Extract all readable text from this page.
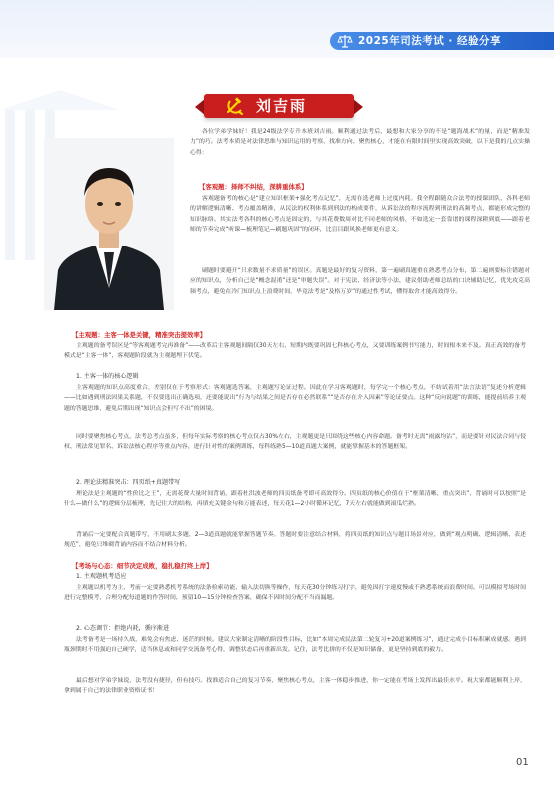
2025年司法考试 · 经验分享
刘吉雨
各位学弟学妹好！我是24级法学专升本班刘吉雨。顺利通过法考后，最想和大家分享的不是“题海战术”的量，而是“精准发力”的巧。法考本质是对法律思维与知识运用的考察，找准方向、聚焦核心，才能在有限时间里实现高效突破，以下是我的几点实操心得：
【客观题：择师不纠结，深耕重体系】
客观题备考的核心是“建立知识框架+强化考点记忆”，无需在选老师上过度内耗。我全程跟随众合法考的授课团队，各科老师的讲解逻辑清晰、考点覆盖精准，从民法的权利体系到刑法的构成要件，从诉讼法的程序流程到刑法的高频考点，都能形成完整的知识脉络。其实法考各科的核心考点是固定的，与其花费数周对比不同老师的风格，不如选定一套靠谱的课程深耕到底——跟着老师的节奏完成“听课—梳理笔记—刷题巩固”的闭环，比盲目跟风换老师更有意义。
刷题时要避开“只求数量不求质量”的误区。真题是最好的复习资料，第一遍刷真题重在熟悉考点分布，第二遍则要标注错题对应的知识点，分析自己是“概念混淆”还是“审题失误”。对于宪法、经济法等小法，建议借助老师总结的口诀辅助记忆，优先攻克高频考点，避免在冷门知识点上浪费时间，毕竟法考是“及格万岁”的通过性考试，懂得取舍才能高效得分。
【主观题：主客一体是关键，精准突击提效率】
主观题的备考误区是“等客观题考完再准备”——改革后主客观题间隔仅30天左右，短期内既要巩固七科核心考点，又要训练案例书写能力，时间根本来不及。真正高效的备考模式是“主客一体”，客观题阶段就为主观题埋下伏笔。
1. 主客一体的核心逻辑
主客观题的知识点高度重合，差别仅在于考察形式：客观题选答案，主观题写论证过程。因此在学习客观题时，每学完一个核心考点，不妨试着用“法言法语”复述分析逻辑——比如遇到刑法因果关系题，不仅要选出正确选项，还要能说出“行为与结果之间是否存在必然联系”“是否存在介入因素”等论证要点。这种“反向说题”的训练，能提前培养主观题的答题思维，避免后期出现“知识点会但写不出”的困境。
同时要聚焦核心考点，法考总考点虽多，但每年实际考察的核心考点仅占30%左右，主观题更是只围绕这些核心内容命题。备考时无需“雨露均沾”，而是要针对民法合同与侵权、刑法常见罪名、诉讼法核心程序等重点内容，进行针对性的案例训练，每科练熟5—10道真题大案例，就能掌握基本的答题框架。
2. 理论法精准突击：四页纸+真题带写
理论法是主观题的“性价比之王”，无需花费大量时间背诵，跟着杜洪波老师的四页纸备考即可高效得分。四页纸的核心价值在于“框架清晰、重点突出”，背诵时可以按照“是什么—做什么”的逻辑分层梳理，先记住大的结构，再填充关键金句和万能表述，每天花1—2小时循环记忆，7天左右就能做到滚瓜烂熟。
背诵后一定要配合真题带写，不用刷太多题，2—3道真题就能掌握答题节奏。答题时要注意结合材料，将四页纸的知识点与题目场景对应，做到“观点明确、逻辑清晰、表述规范”，避免只堆砌背诵内容而不结合材料分析。
【考场与心态：细节决定成败，稳扎稳打终上岸】
1. 主观题机考适应
主观题以机考为主，考前一定要熟悉机考系统的法条检索功能、输入法切换等操作，每天花30分钟练习打字，避免因打字速度慢或不熟悉系统而浪费时间。可以模拟考场时间进行完整模考，合理分配每道题的作答时间，预留10—15分钟检查答案，确保不因时间分配不当而漏题。
2. 心态调节：拒绝内耗，循序渐进
法考备考是一场持久战，难免会有焦虑、迷茫的时候。建议大家制定清晰的阶段性目标，比如“本周完成民法第二轮复习+20道案例练习”，通过完成小目标积累成就感。遇到瓶颈期时不用强迫自己硬学，适当休息或和同学交流备考心得，调整状态后再重新出发。记住，法考比拼的不仅是知识储备，更是坚持到底的毅力。
最后想对学弟学妹说，法考没有捷径，但有技巧。找准适合自己的复习节奏，聚焦核心考点，主客一体稳步推进，你一定能在考场上发挥出最佳水平。祝大家都能顺利上岸，拿到属于自己的法律职业资格证书！
01
